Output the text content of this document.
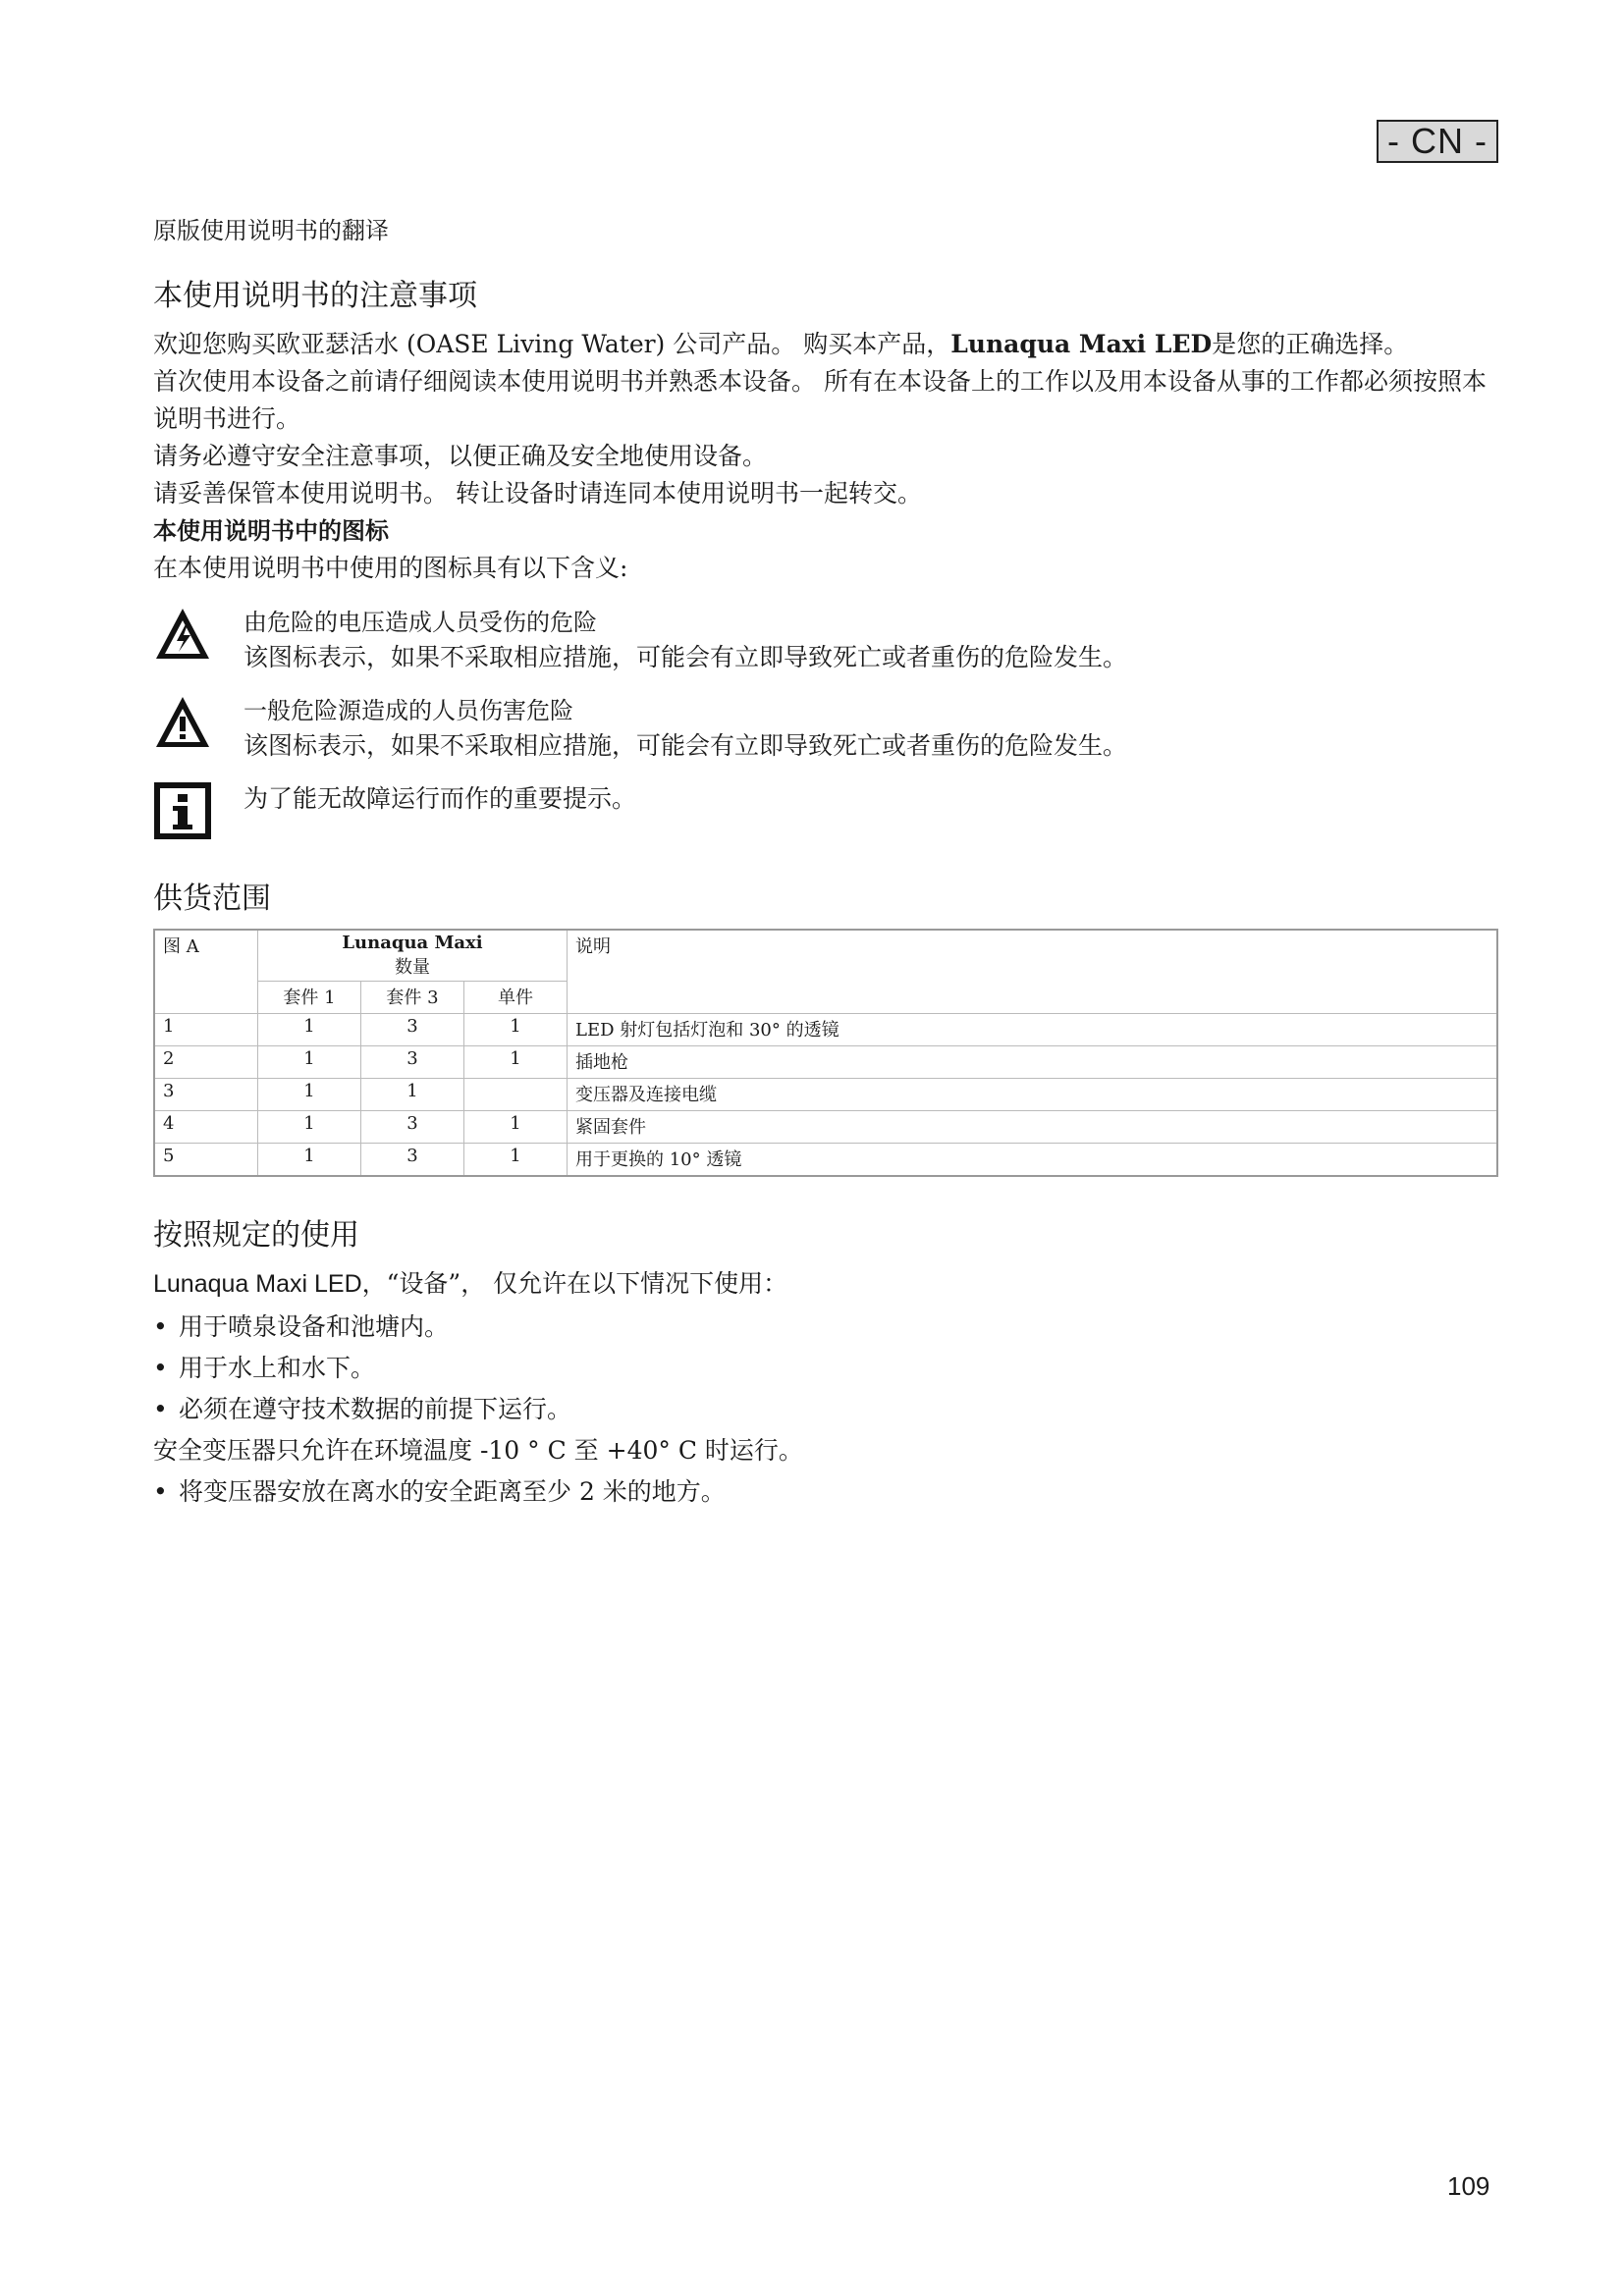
- CN -
原版使用说明书的翻译
本使用说明书的注意事项

欢迎您购买欧亚瑟活水 (OASE Living Water) 公司产品。 购买本产品，Lunaqua Maxi LED是您的正确选择。

首次使用本设备之前请仔细阅读本使用说明书并熟悉本设备。 所有在本设备上的工作以及用本设备从事的工作都必须按照本说明书进行。

请务必遵守安全注意事项，以便正确及安全地使用设备。

请妥善保管本使用说明书。 转让设备时请连同本使用说明书一起转交。

本使用说明书中的图标

在本使用说明书中使用的图标具有以下含义:

由危险的电压造成人员受伤的危险
该图标表示，如果不采取相应措施，可能会有立即导致死亡或者重伤的危险发生。
一般危险源造成的人员伤害危险
该图标表示，如果不采取相应措施，可能会有立即导致死亡或者重伤的危险发生。
为了能无故障运行而作的重要提示。
供货范围
图 A	Lunaqua Maxi
数量			说明
	套件 1	套件 3	单件	
1	1	3	1	LED 射灯包括灯泡和 30° 的透镜
2	1	3	1	插地枪
3	1	1		变压器及连接电缆
4	1	3	1	紧固套件
5	1	3	1	用于更换的 10° 透镜
按照规定的使用

Lunaqua Maxi LED，“设备”， 仅允许在以下情况下使用：

• 用于喷泉设备和池塘内。
• 用于水上和水下。
• 必须在遵守技术数据的前提下运行。

安全变压器只允许在环境温度 -10 ° C 至 +40° C 时运行。

• 将变压器安放在离水的安全距离至少 2 米的地方。
109
